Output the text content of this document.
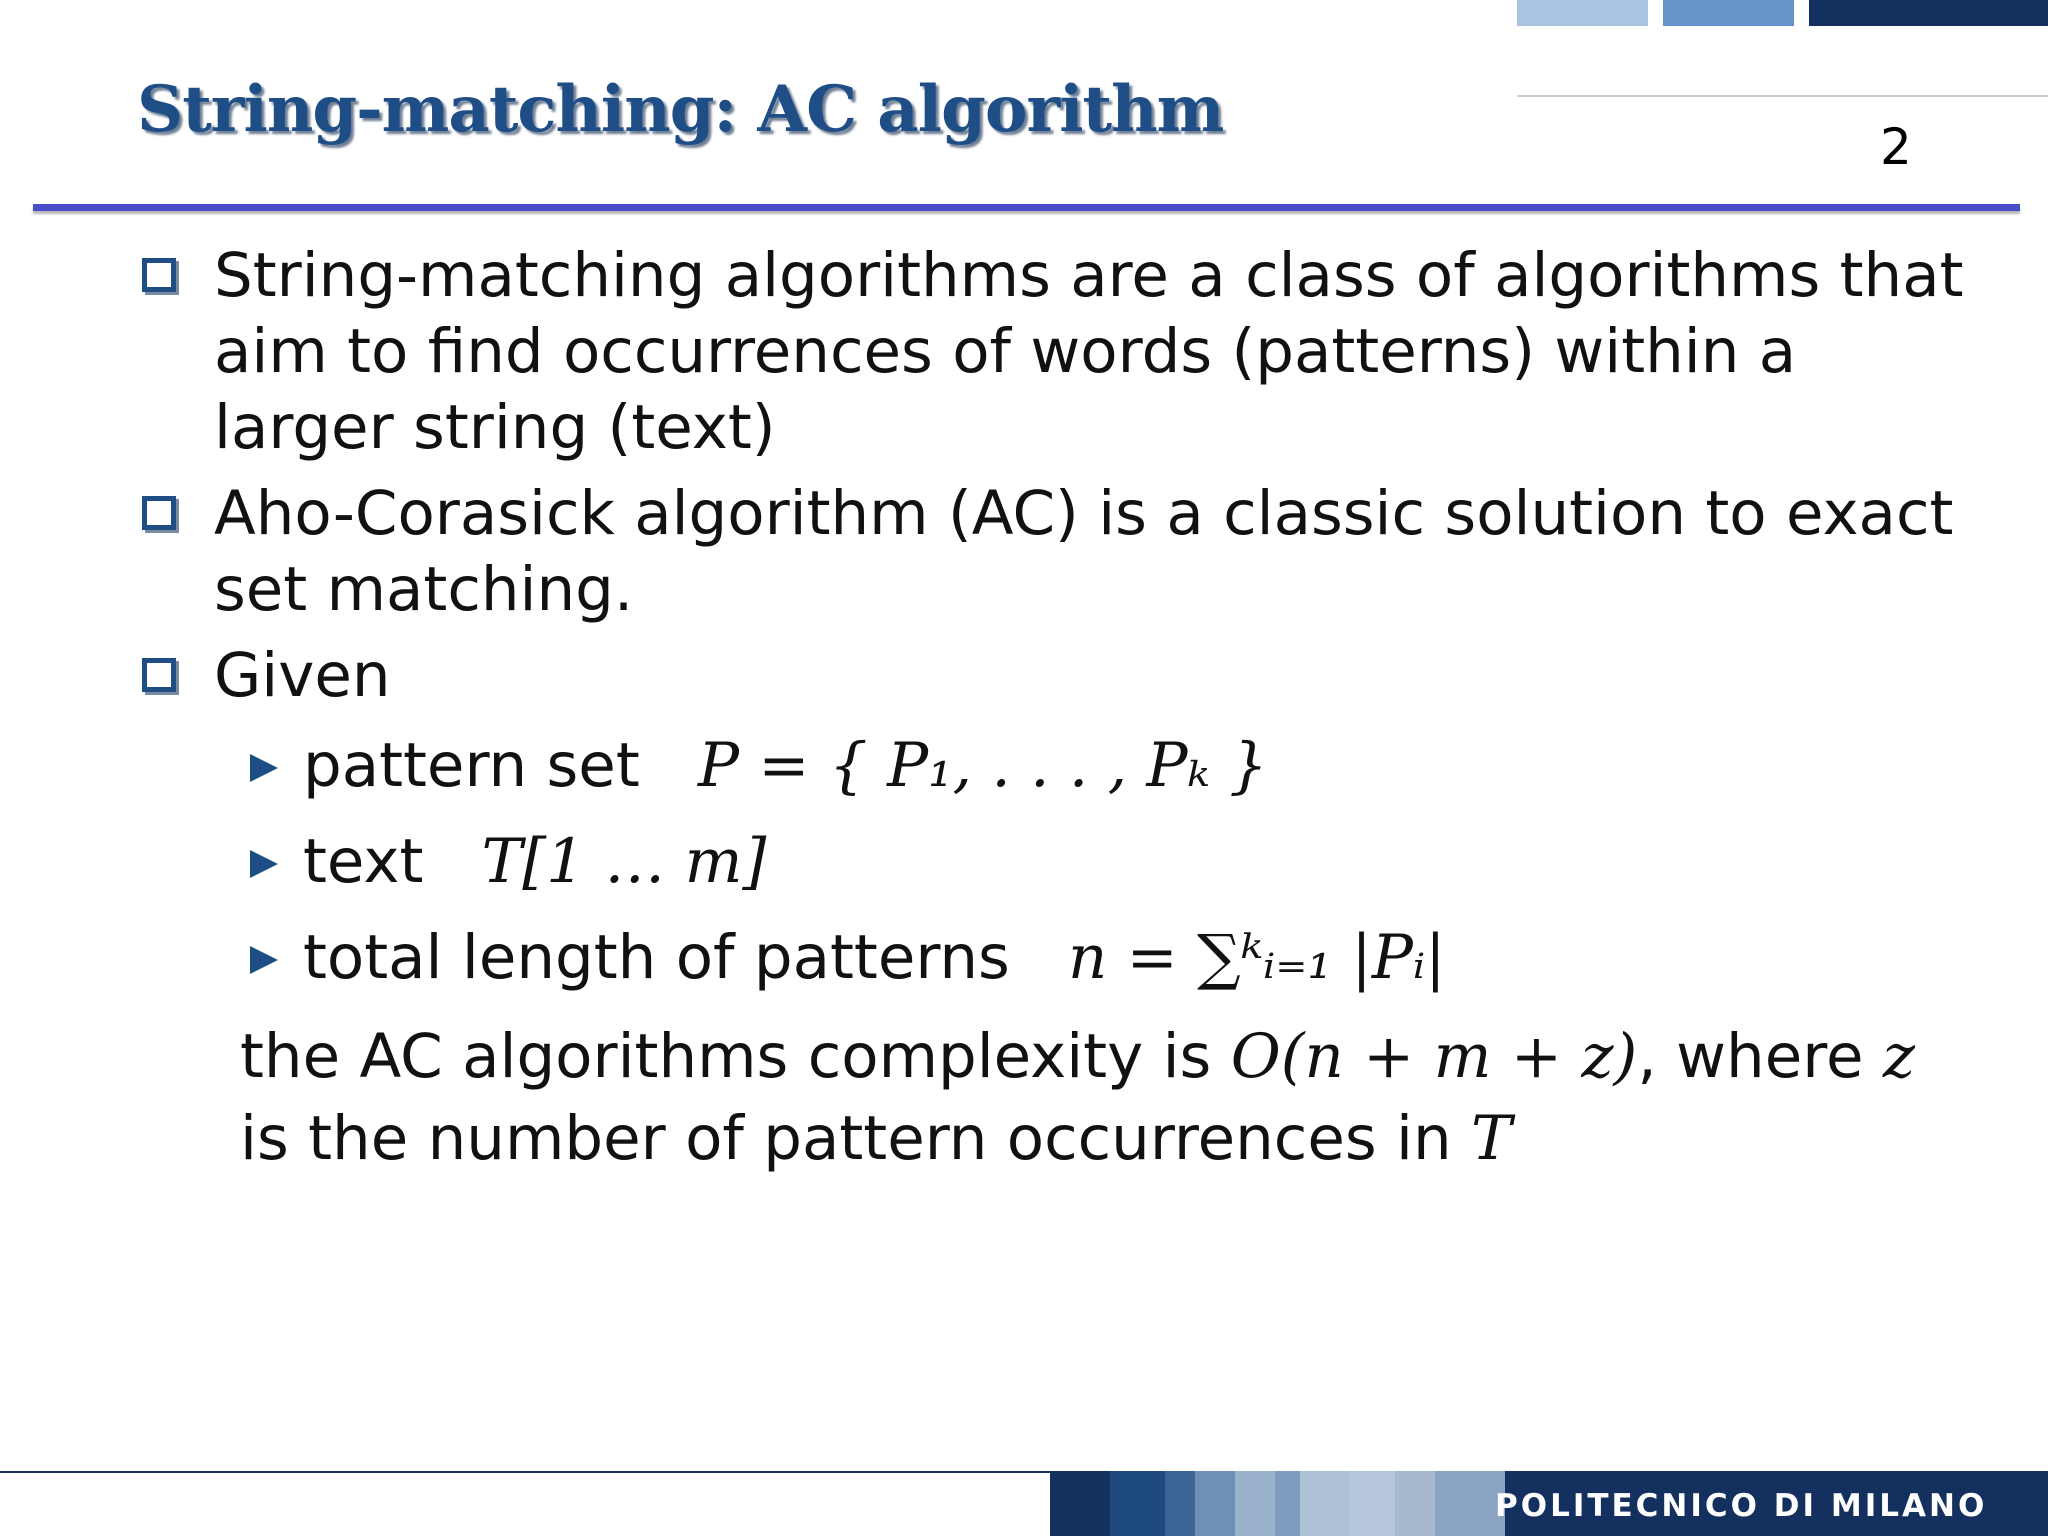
String-matching: AC algorithm	2
String-matching algorithms are a class of algorithms that aim to find occurrences of words (patterns) within a larger string (text)
Aho-Corasick algorithm (AC) is a classic solution to exact set matching.
Given
pattern set P = { P₁, . . . , Pₖ }
text T[1 … m]
total length of patterns n = ∑ᵏᵢ₌₁ |Pᵢ|
the AC algorithms complexity is O(n + m + z), where z
is the number of pattern occurrences in T
POLITECNICO DI MILANO
